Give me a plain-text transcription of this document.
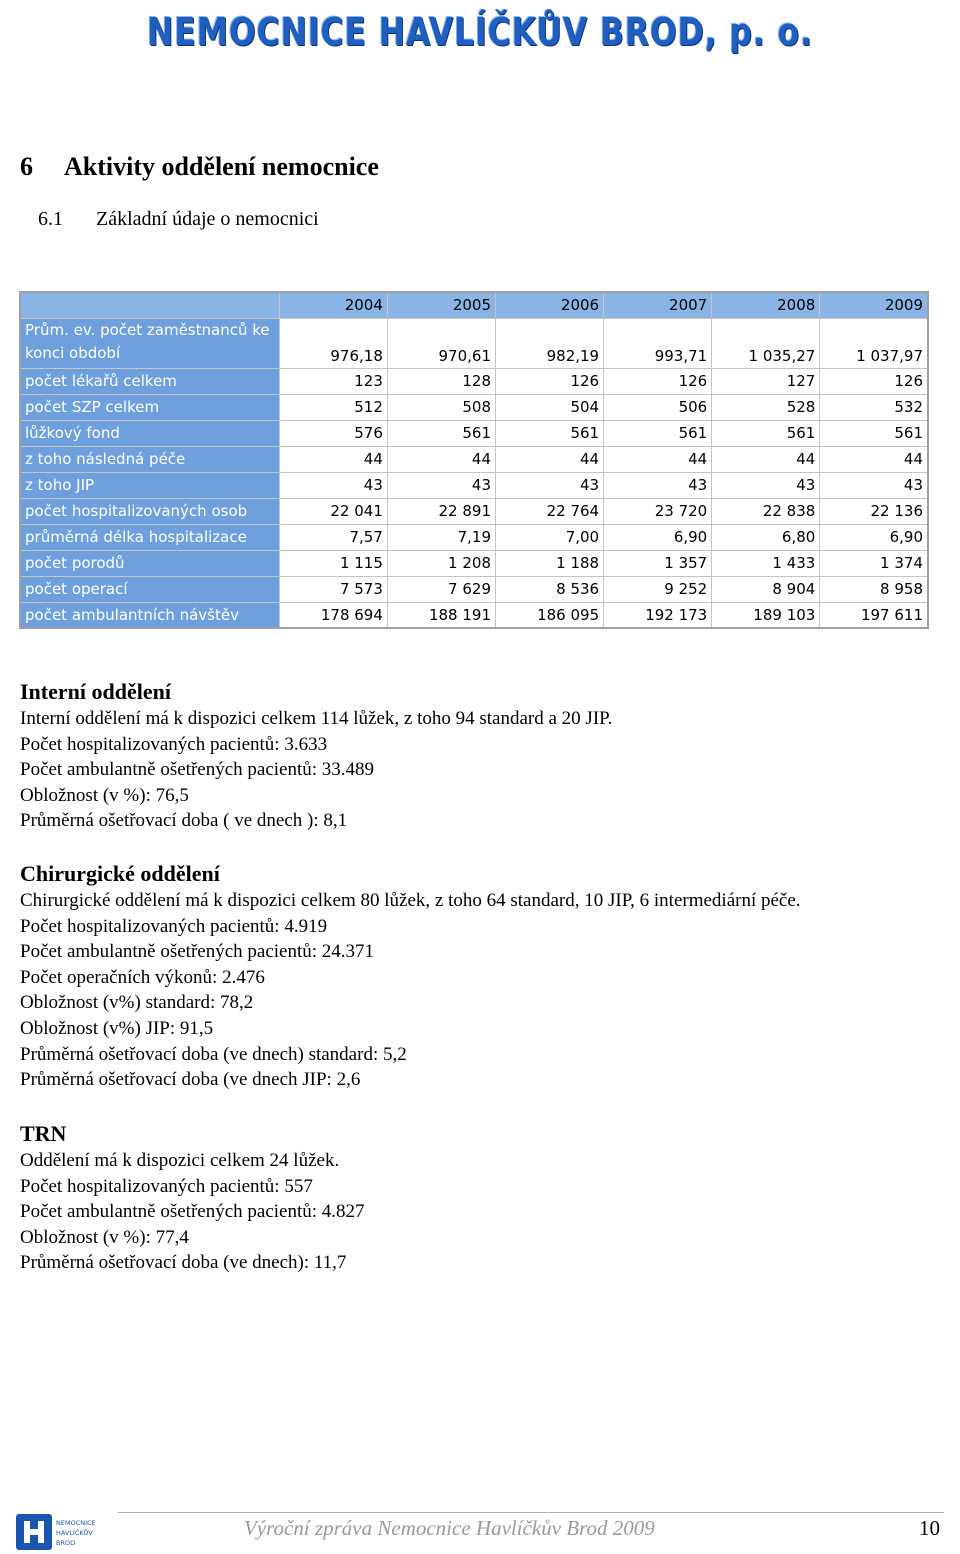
NEMOCNICE HAVLÍČKŮV BROD, p. o.
6 Aktivity oddělení nemocnice
6.1 Základní údaje o nemocnici
	2004	2005	2006	2007	2008	2009
Prům. ev. počet zaměstnanců ke konci období	976,18	970,61	982,19	993,71	1 035,27	1 037,97
počet lékařů celkem	123	128	126	126	127	126
počet SZP celkem	512	508	504	506	528	532
lůžkový fond	576	561	561	561	561	561
z toho následná péče	44	44	44	44	44	44
z toho JIP	43	43	43	43	43	43
počet hospitalizovaných osob	22 041	22 891	22 764	23 720	22 838	22 136
průměrná délka hospitalizace	7,57	7,19	7,00	6,90	6,80	6,90
počet porodů	1 115	1 208	1 188	1 357	1 433	1 374
počet operací	7 573	7 629	8 536	9 252	8 904	8 958
počet ambulantních návštěv	178 694	188 191	186 095	192 173	189 103	197 611
Interní oddělení
Interní oddělení má k dispozici celkem 114 lůžek, z toho 94 standard a 20 JIP.
Počet hospitalizovaných pacientů: 3.633
Počet ambulantně ošetřených pacientů: 33.489
Obložnost (v %): 76,5
Průměrná ošetřovací doba ( ve dnech ): 8,1
Chirurgické oddělení
Chirurgické oddělení má k dispozici celkem 80 lůžek, z toho 64 standard, 10 JIP, 6 intermediární péče.
Počet hospitalizovaných pacientů: 4.919
Počet ambulantně ošetřených pacientů: 24.371
Počet operačních výkonů: 2.476
Obložnost (v%) standard: 78,2
Obložnost (v%) JIP: 91,5
Průměrná ošetřovací doba (ve dnech) standard: 5,2
Průměrná ošetřovací doba (ve dnech JIP: 2,6
TRN
Oddělení má k dispozici celkem 24 lůžek.
Počet hospitalizovaných pacientů: 557
Počet ambulantně ošetřených pacientů: 4.827
Obložnost (v %): 77,4
Průměrná ošetřovací doba (ve dnech): 11,7
NEMOCNICE
HAVLÍČKŮV
BROD
Výroční zpráva Nemocnice Havlíčkův Brod 2009	10
